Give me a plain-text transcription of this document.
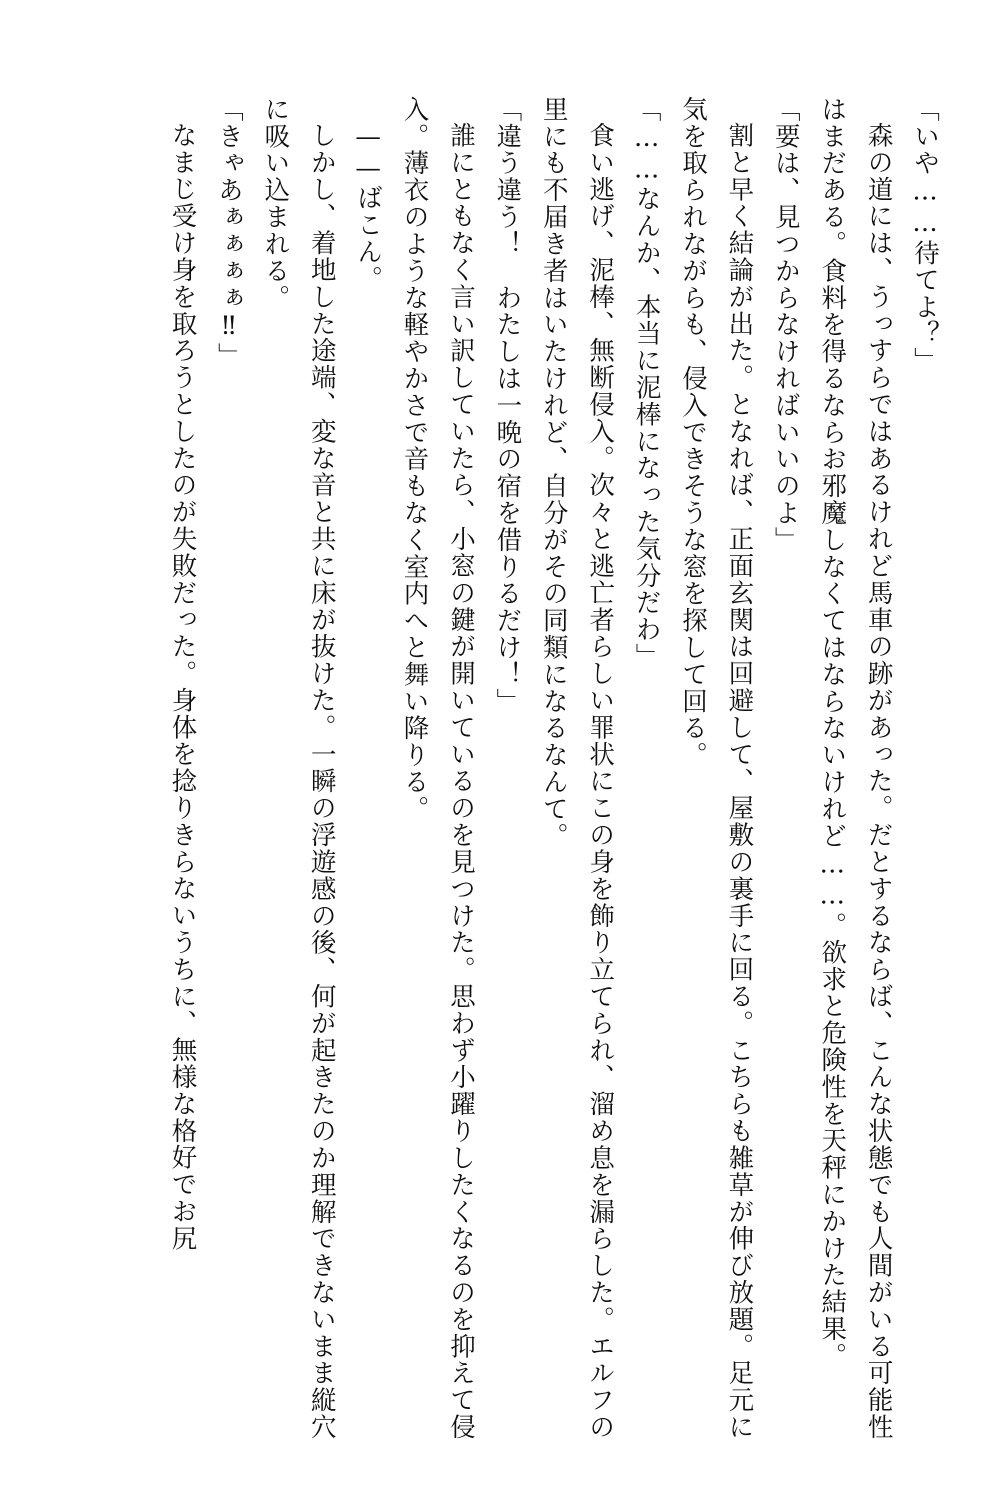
「いや……待てよ？」

森の道には、うっすらではあるけれど馬車の跡があった。だとするならば、こんな状態でも人間がいる可能性はまだある。食料を得るならお邪魔しなくてはならないけれど……。欲求と危険性を天秤にかけた結果。

「要は、見つからなければいいのよ」

割と早く結論が出た。となれば、正面玄関は回避して、屋敷の裏手に回る。こちらも雑草が伸び放題。足元に気を取られながらも、侵入できそうな窓を探して回る。

「……なんか、本当に泥棒になった気分だわ」

食い逃げ、泥棒、無断侵入。次々と逃亡者らしい罪状にこの身を飾り立てられ、溜め息を漏らした。エルフの里にも不届き者はいたけれど、自分がその同類になるなんて。

「違う違う！　わたしは一晩の宿を借りるだけ！」

誰にともなく言い訳していたら、小窓の鍵が開いているのを見つけた。思わず小躍りしたくなるのを抑えて侵入。薄衣のような軽やかさで音もなく室内へと舞い降りる。

——ばこん。

しかし、着地した途端、変な音と共に床が抜けた。一瞬の浮遊感の後、何が起きたのか理解できないまま縦穴に吸い込まれる。

「きゃあぁぁぁぁ‼」

なまじ受け身を取ろうとしたのが失敗だった。身体を捻りきらないうちに、無様な格好でお尻
